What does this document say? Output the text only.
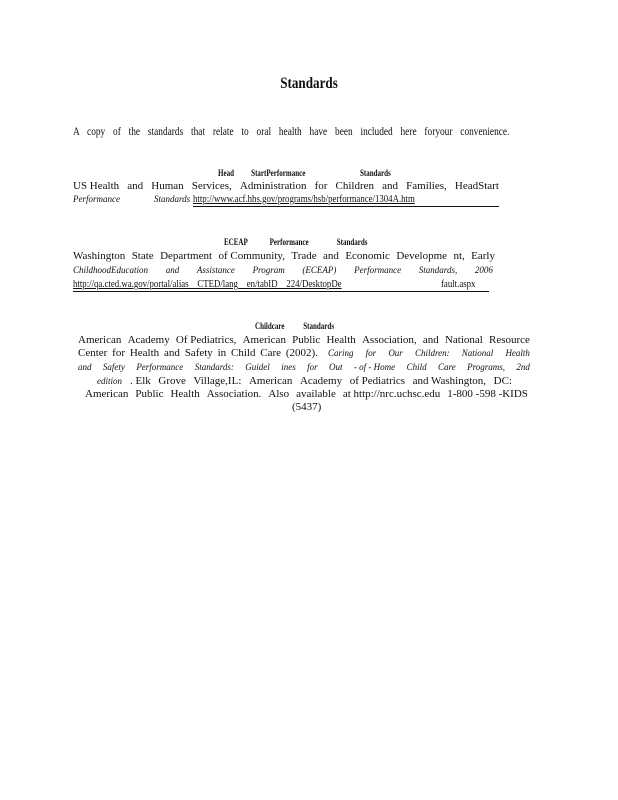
Standards
A copy of the standards that relate to oral health have been included here foryour convenience.
Head StartPerformance	Standards
US Health and Human Services, Administration for Children and Families, HeadStart
Performance	Standards http://www.acf.hhs.gov/programs/hsb/performance/1304A.htm
ECEAP Performance	Standards
Washington State Department of Community, Trade and Economic Developme nt, Early
ChildhoodEducation and Assistance Program (ECEAP) Performance Standards, 2006
http://qa.cted.wa.gov/portal/alias__CTED/lang__en/tabID__224/DesktopDe	fault.aspx
Childcare Standards
American Academy Of Pediatrics, American Public Health Association, and National Resource
Center for Health and Safety in Child Care (2002). Caring for Our Children: National Health
and Safety Performance Standards: Guidel ines for Out - of - Home Child Care Programs, 2nd
edition . Elk Grove Village,IL: American Academy of Pediatrics and Washington, DC:
American Public Health Association. Also available at http://nrc.uchsc.edu 1-800 -598 -KIDS
(5437)
